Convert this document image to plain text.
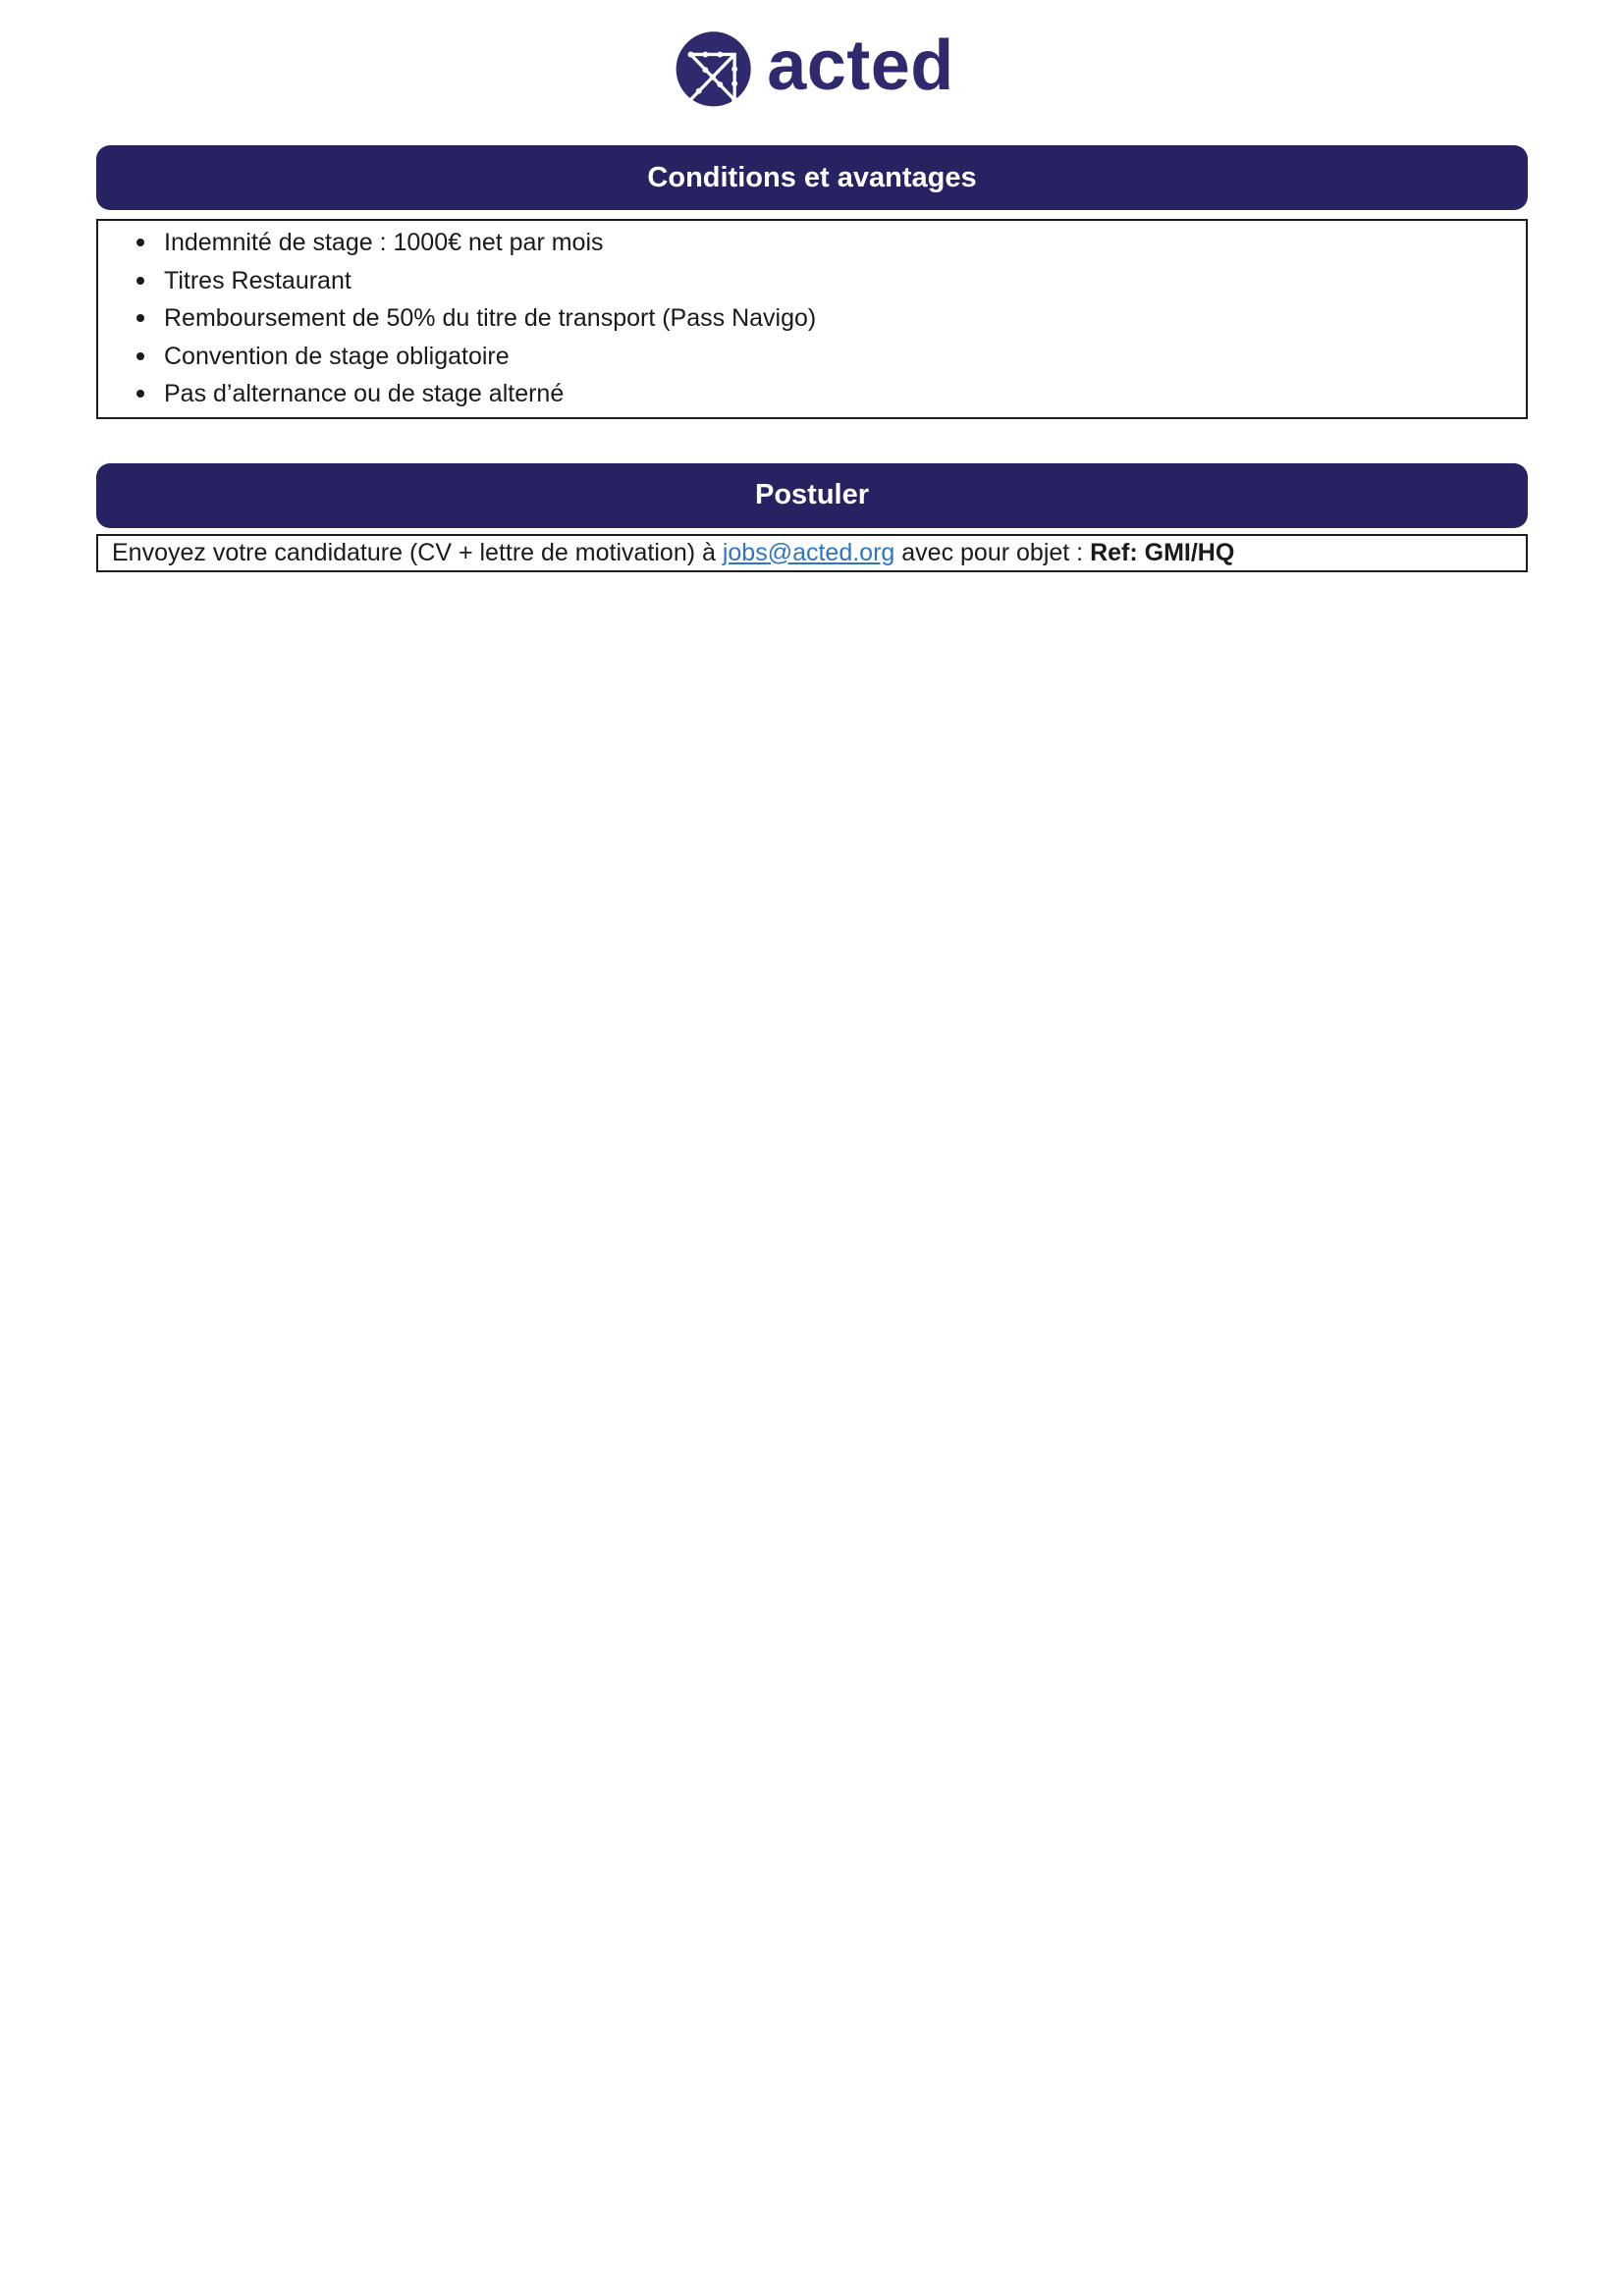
acted
Conditions et avantages
Indemnité de stage : 1000€ net par mois
Titres Restaurant
Remboursement de 50% du titre de transport (Pass Navigo)
Convention de stage obligatoire
Pas d’alternance ou de stage alterné
Postuler
Envoyez votre candidature (CV + lettre de motivation) à jobs@acted.org avec pour objet : Ref: GMI/HQ
